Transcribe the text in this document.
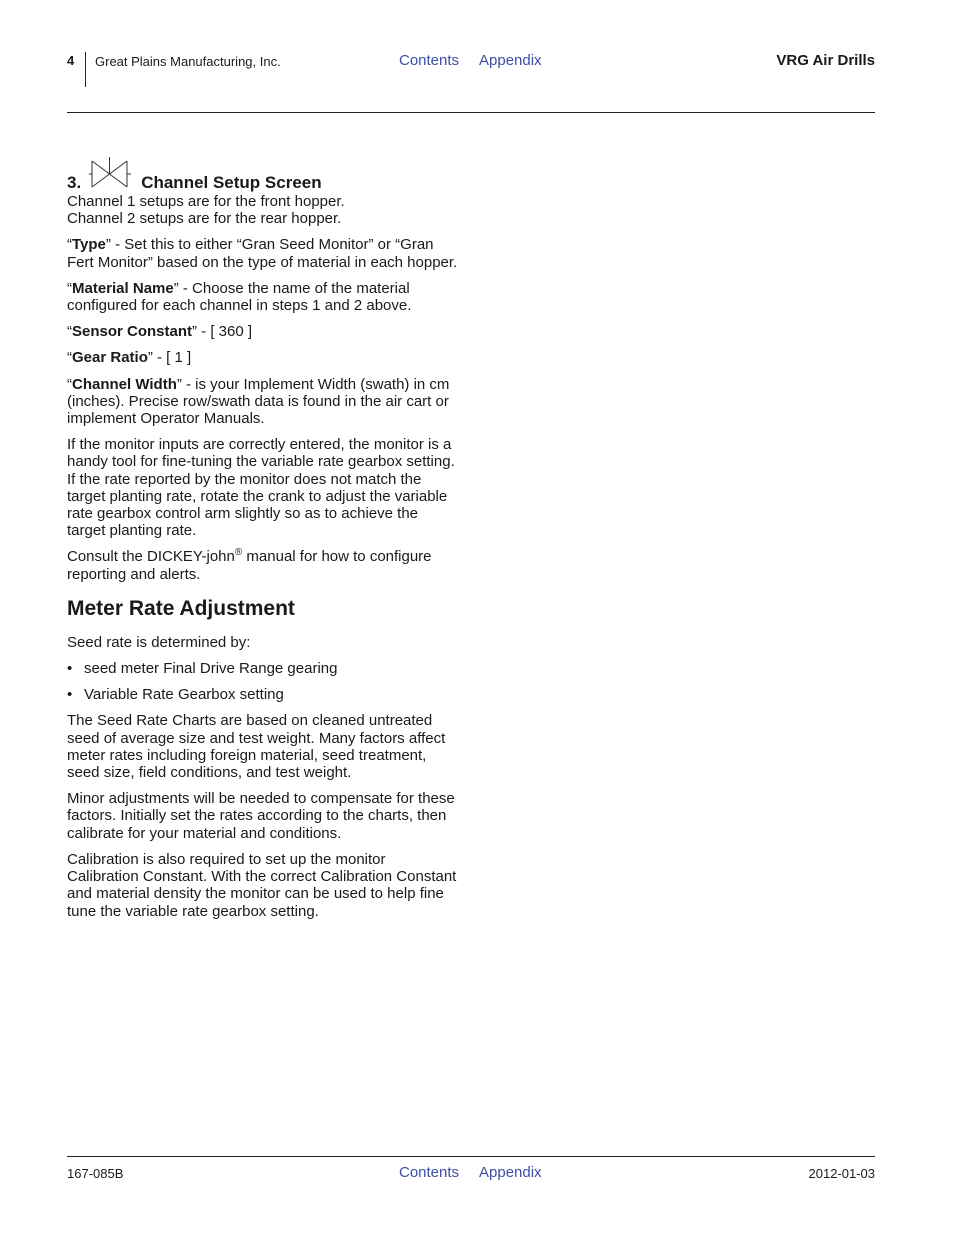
4 Great Plains Manufacturing, Inc.	Contents Appendix	VRG Air Drills
3.	Channel Setup Screen

Channel 1 setups are for the front hopper.
Channel 2 setups are for the rear hopper.

“Type” - Set this to either “Gran Seed Monitor” or “Gran Fert Monitor” based on the type of material in each hopper.

“Material Name” - Choose the name of the material configured for each channel in steps 1 and 2 above.

“Sensor Constant” - [ 360 ]

“Gear Ratio” - [ 1 ]

“Channel Width” - is your Implement Width (swath) in cm (inches). Precise row/swath data is found in the air cart or implement Operator Manuals.

If the monitor inputs are correctly entered, the monitor is a handy tool for fine-tuning the variable rate gearbox setting. If the rate reported by the monitor does not match the target planting rate, rotate the crank to adjust the variable rate gearbox control arm slightly so as to achieve the target planting rate.

Consult the DICKEY-john® manual for how to configure reporting and alerts.

Meter Rate Adjustment

Seed rate is determined by:

• seed meter Final Drive Range gearing
• Variable Rate Gearbox setting

The Seed Rate Charts are based on cleaned untreated seed of average size and test weight. Many factors affect meter rates including foreign material, seed treatment, seed size, field conditions, and test weight.

Minor adjustments will be needed to compensate for these factors. Initially set the rates according to the charts, then calibrate for your material and conditions.

Calibration is also required to set up the monitor Calibration Constant. With the correct Calibration Constant and material density the monitor can be used to help fine tune the variable rate gearbox setting.

167-085B	Contents Appendix	2012-01-03
